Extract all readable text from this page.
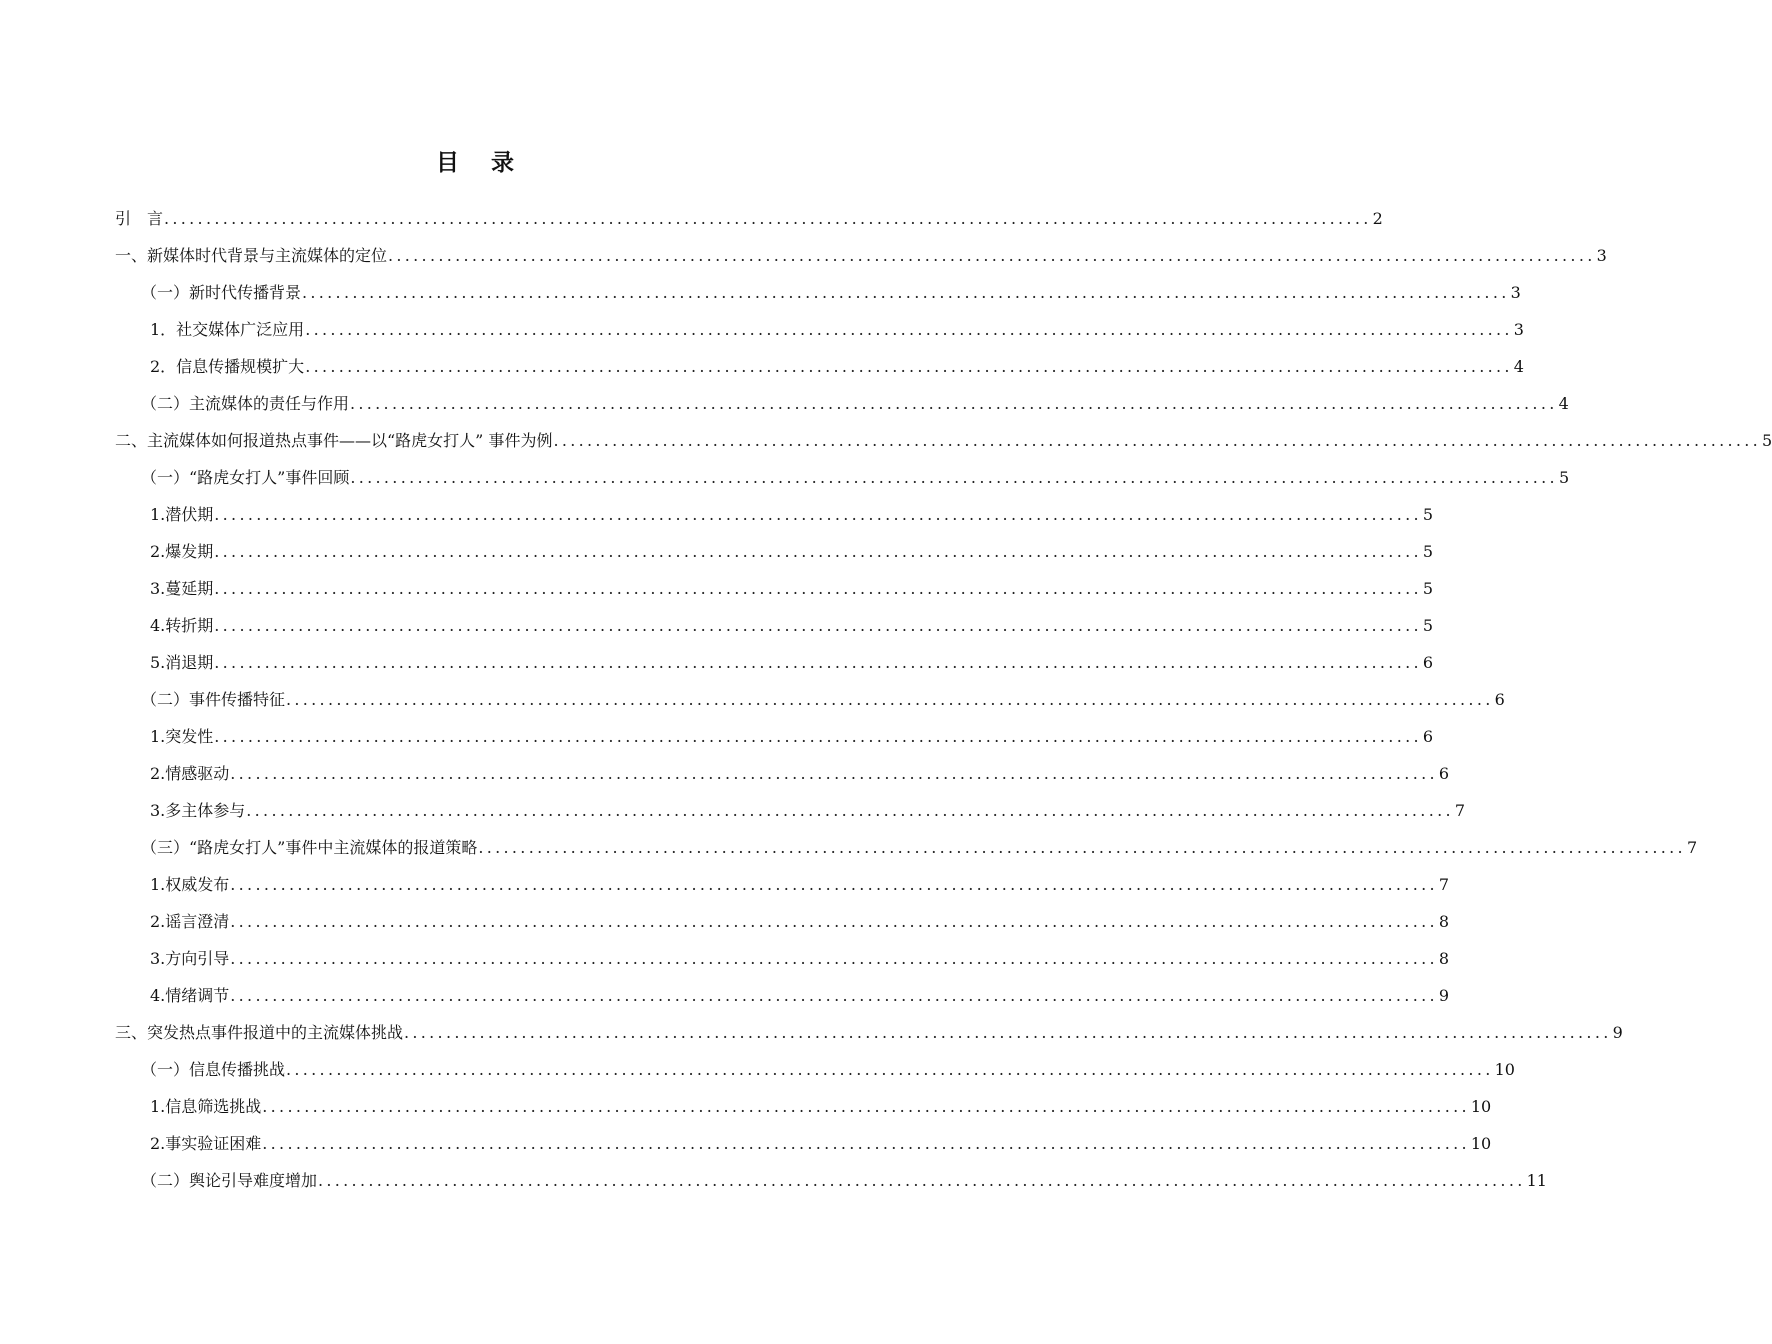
目 录
引　言 ................................................................................................................................................ 2
一、新媒体时代背景与主流媒体的定位 ................................................................................................................................................ 3
（一）新时代传播背景 ................................................................................................................................................ 3
1．社交媒体广泛应用 ................................................................................................................................................ 3
2．信息传播规模扩大 ................................................................................................................................................ 4
（二）主流媒体的责任与作用 ................................................................................................................................................ 4
二、主流媒体如何报道热点事件——以“路虎女打人” 事件为例 ................................................................................................................................................ 5
（一）“路虎女打人”事件回顾 ................................................................................................................................................ 5
1.潜伏期 ................................................................................................................................................ 5
2.爆发期 ................................................................................................................................................ 5
3.蔓延期 ................................................................................................................................................ 5
4.转折期 ................................................................................................................................................ 5
5.消退期 ................................................................................................................................................ 6
（二）事件传播特征 ................................................................................................................................................ 6
1.突发性 ................................................................................................................................................ 6
2.情感驱动 ................................................................................................................................................ 6
3.多主体参与 ................................................................................................................................................ 7
（三）“路虎女打人”事件中主流媒体的报道策略 ................................................................................................................................................ 7
1.权威发布 ................................................................................................................................................ 7
2.谣言澄清 ................................................................................................................................................ 8
3.方向引导 ................................................................................................................................................ 8
4.情绪调节 ................................................................................................................................................ 9
三、突发热点事件报道中的主流媒体挑战 ................................................................................................................................................ 9
（一）信息传播挑战 ................................................................................................................................................ 10
1.信息筛选挑战 ................................................................................................................................................ 10
2.事实验证困难 ................................................................................................................................................ 10
（二）舆论引导难度增加 ................................................................................................................................................ 11
